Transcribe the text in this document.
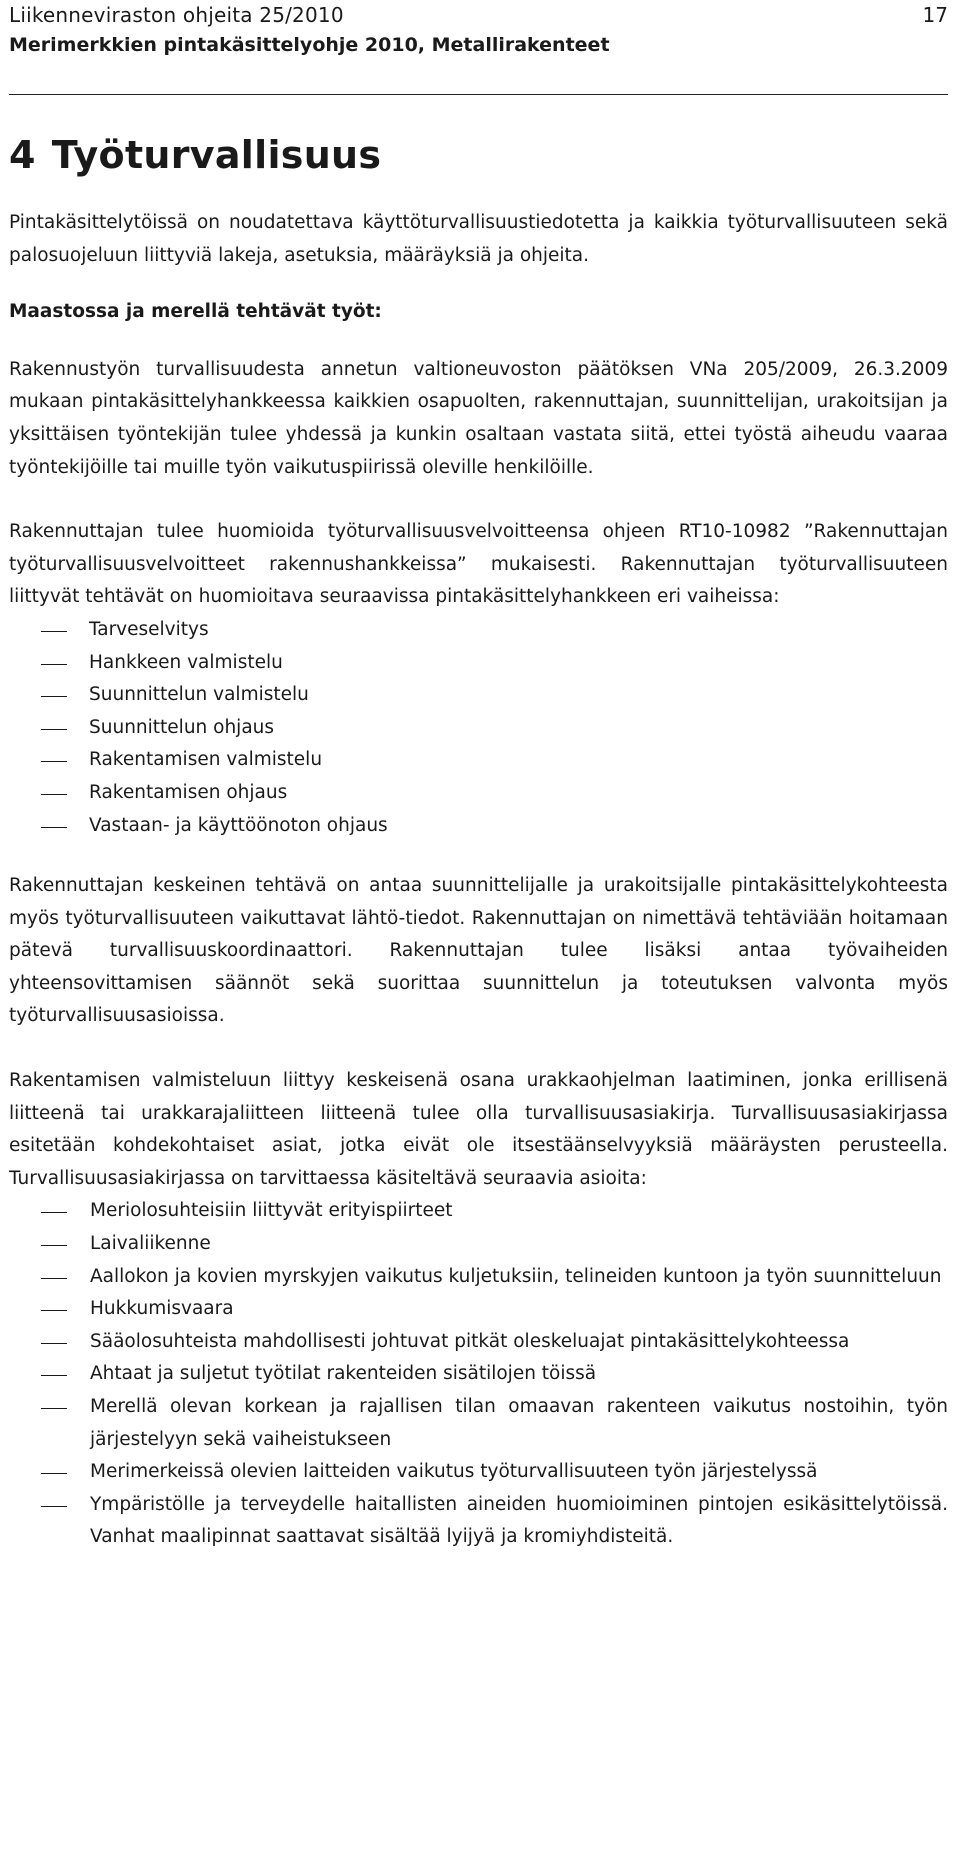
Liikenneviraston ohjeita 25/2010
Merimerkkien pintakäsittelyohje 2010, Metallirakenteet
17
4 Työturvallisuus

Pintakäsittelytöissä on noudatettava käyttöturvallisuustiedotetta ja kaikkia työturvallisuuteen sekä palosuojeluun liittyviä lakeja, asetuksia, määräyksiä ja ohjeita.

Maastossa ja merellä tehtävät työt:

Rakennustyön turvallisuudesta annetun valtioneuvoston päätöksen VNa 205/2009, 26.3.2009 mukaan pintakäsittelyhankkeessa kaikkien osapuolten, rakennuttajan, suunnittelijan, urakoitsijan ja yksittäisen työntekijän tulee yhdessä ja kunkin osaltaan vastata siitä, ettei työstä aiheudu vaaraa työntekijöille tai muille työn vaikutuspiirissä oleville henkilöille.

Rakennuttajan tulee huomioida työturvallisuusvelvoitteensa ohjeen RT10-10982 ”Rakennuttajan työturvallisuusvelvoitteet rakennushankkeissa” mukaisesti. Rakennuttajan työturvallisuuteen liittyvät tehtävät on huomioitava seuraavissa pintakäsittelyhankkeen eri vaiheissa:

Tarveselvitys
Hankkeen valmistelu
Suunnittelun valmistelu
Suunnittelun ohjaus
Rakentamisen valmistelu
Rakentamisen ohjaus
Vastaan- ja käyttöönoton ohjaus

Rakennuttajan keskeinen tehtävä on antaa suunnittelijalle ja urakoitsijalle pintakäsittelykohteesta myös työturvallisuuteen vaikuttavat lähtö-tiedot. Rakennuttajan on nimettävä tehtäviään hoitamaan pätevä turvallisuuskoordinaattori. Rakennuttajan tulee lisäksi antaa työvaiheiden yhteensovittamisen säännöt sekä suorittaa suunnittelun ja toteutuksen valvonta myös työturvallisuusasioissa.

Rakentamisen valmisteluun liittyy keskeisenä osana urakkaohjelman laatiminen, jonka erillisenä liitteenä tai urakkarajaliitteen liitteenä tulee olla turvallisuusasiakirja. Turvallisuusasiakirjassa esitetään kohdekohtaiset asiat, jotka eivät ole itsestäänselvyyksiä määräysten perusteella. Turvallisuusasiakirjassa on tarvittaessa käsiteltävä seuraavia asioita:

Meriolosuhteisiin liittyvät erityispiirteet
Laivaliikenne
Aallokon ja kovien myrskyjen vaikutus kuljetuksiin, telineiden kuntoon ja työn suunnitteluun
Hukkumisvaara
Sääolosuhteista mahdollisesti johtuvat pitkät oleskeluajat pintakäsittelykohteessa
Ahtaat ja suljetut työtilat rakenteiden sisätilojen töissä
Merellä olevan korkean ja rajallisen tilan omaavan rakenteen vaikutus nostoihin, työn järjestelyyn sekä vaiheistukseen
Merimerkeissä olevien laitteiden vaikutus työturvallisuuteen työn järjestelyssä
Ympäristölle ja terveydelle haitallisten aineiden huomioiminen pintojen esikäsittelytöissä. Vanhat maalipinnat saattavat sisältää lyijyä ja kromiyhdisteitä.
